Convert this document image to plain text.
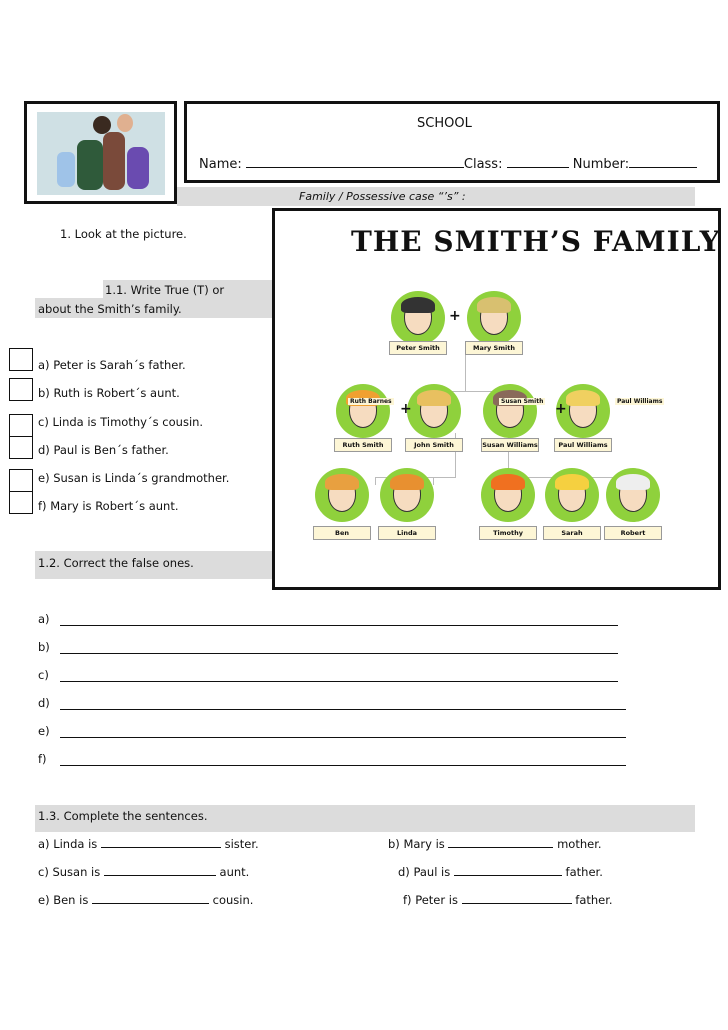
SCHOOL
Name:	Class:	Number:
Family / Possessive case “’s” :
1. Look at the picture.
1.1. Write True (T) or
about the Smith’s family.
a) Peter is Sarah´s father.
b) Ruth is Robert´s aunt.
c) Linda is Timothy´s cousin.
d) Paul is Ben´s father.
e) Susan is Linda´s grandmother.
f) Mary is Robert´s aunt.
1.2. Correct the false ones.
a)
b)
c)
d)
e)
f)
1.3. Complete the sentences.
a) Linda is	sister.	b) Mary is	mother.
c) Susan is	aunt.	d) Paul is	father.
e) Ben is	cousin.	f) Peter is	father.
THE SMITH’S FAMILY
Peter Smith	Mary Smith
Ruth Smith	John Smith	Susan Williams	Paul Williams
Ben	Linda	Timothy	Sarah	Robert
Ruth Barnes	Susan Smith	Paul Williams
+
+	+
